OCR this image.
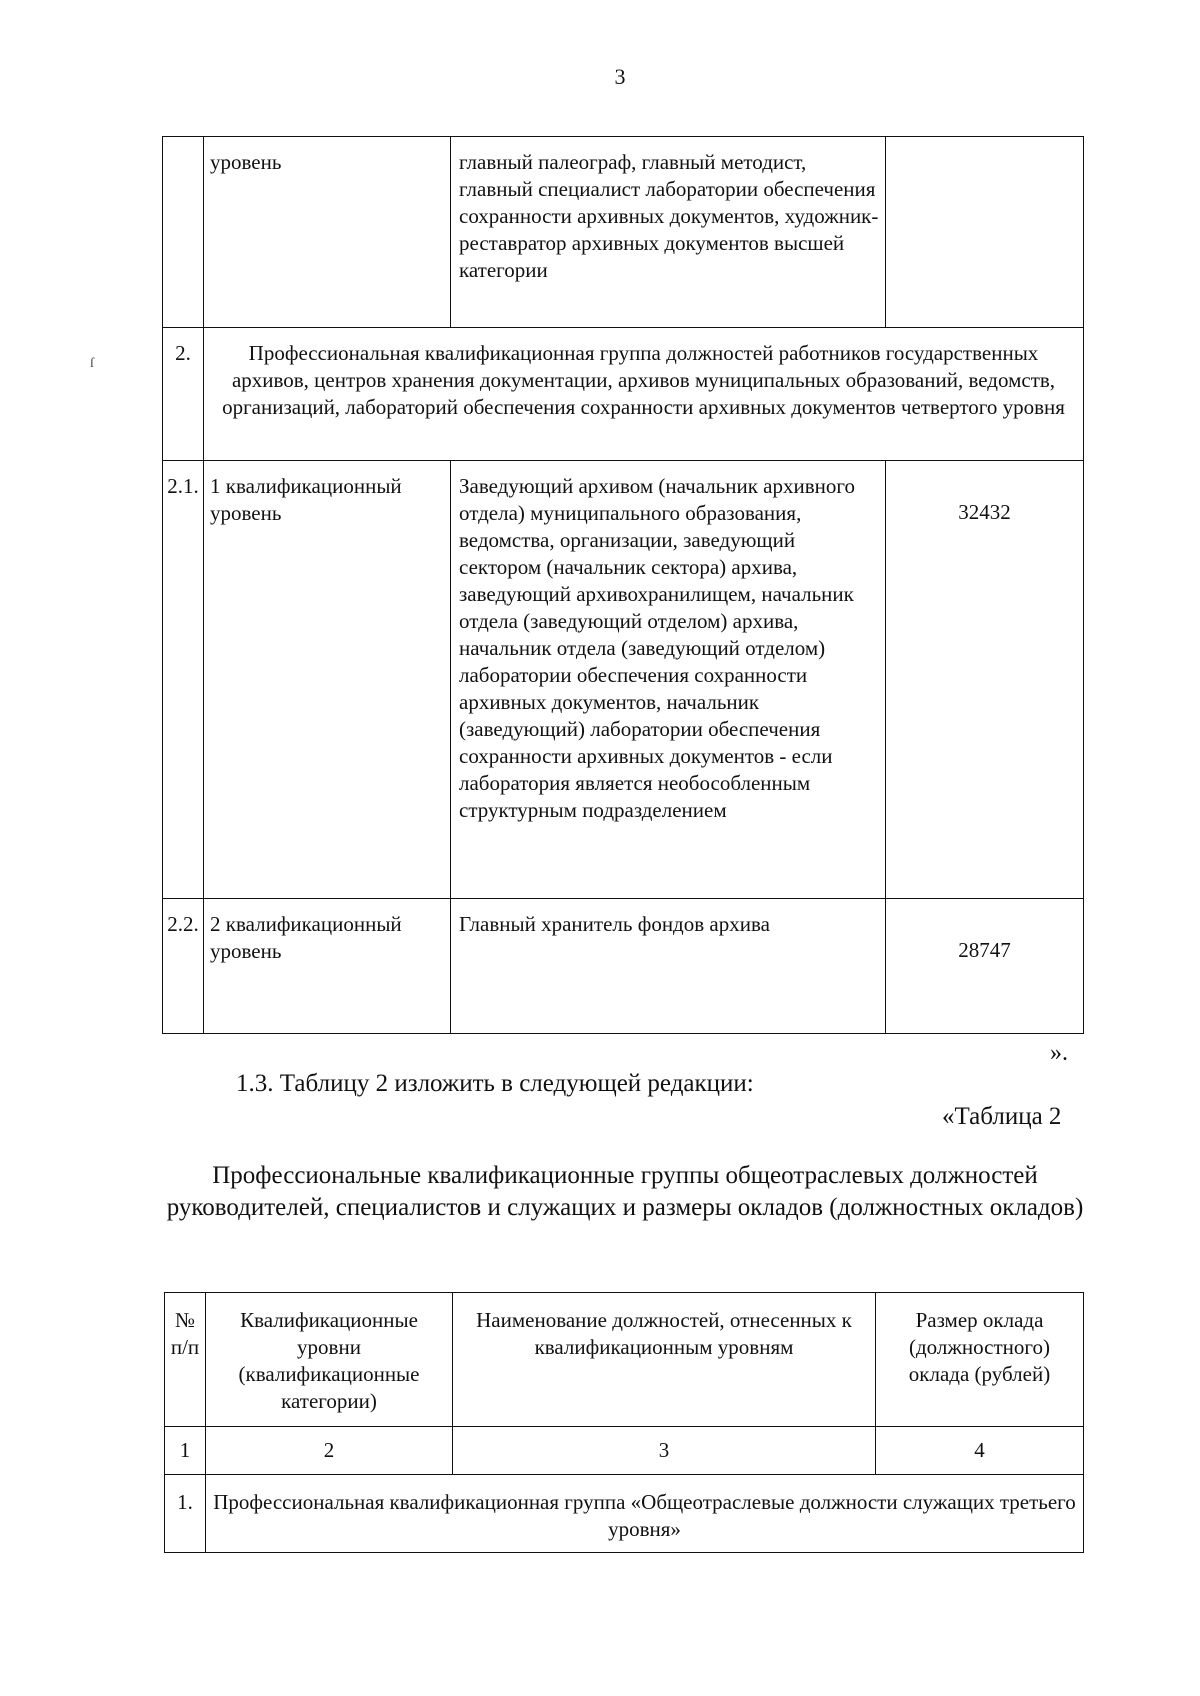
3
ſ
	уровень	главный палеограф, главный методист, главный специалист лаборатории обеспечения сохранности архивных документов, художник-реставратор архивных документов высшей категории	
2.	Профессиональная квалификационная группа должностей работников государственных архивов, центров хранения документации, архивов муниципальных образований, ведомств, организаций, лабораторий обеспечения сохранности архивных документов четвертого уровня		
2.1.	1 квалификационный уровень	Заведующий архивом (начальник архивного отдела) муниципального образования, ведомства, организации, заведующий сектором (начальник сектора) архива, заведующий архивохранилищем, начальник отдела (заведующий отделом) архива, начальник отдела (заведующий отделом) лаборатории обеспечения сохранности архивных документов, начальник (заведующий) лаборатории обеспечения сохранности архивных документов - если лаборатория является необособленным структурным подразделением	32432
2.2.	2 квалификационный уровень	Главный хранитель фондов архива	28747
».
1.3. Таблицу 2 изложить в следующей редакции:
«Таблица 2
Профессиональные квалификационные группы общеотраслевых должностей руководителей, специалистов и служащих и размеры окладов (должностных окладов)
№ п/п	Квалификационные уровни (квалификационные категории)	Наименование должностей, отнесенных к квалификационным уровням	Размер оклада (должностного) оклада (рублей)
1	2	3	4
1.	Профессиональная квалификационная группа «Общеотраслевые должности служащих третьего уровня»		
